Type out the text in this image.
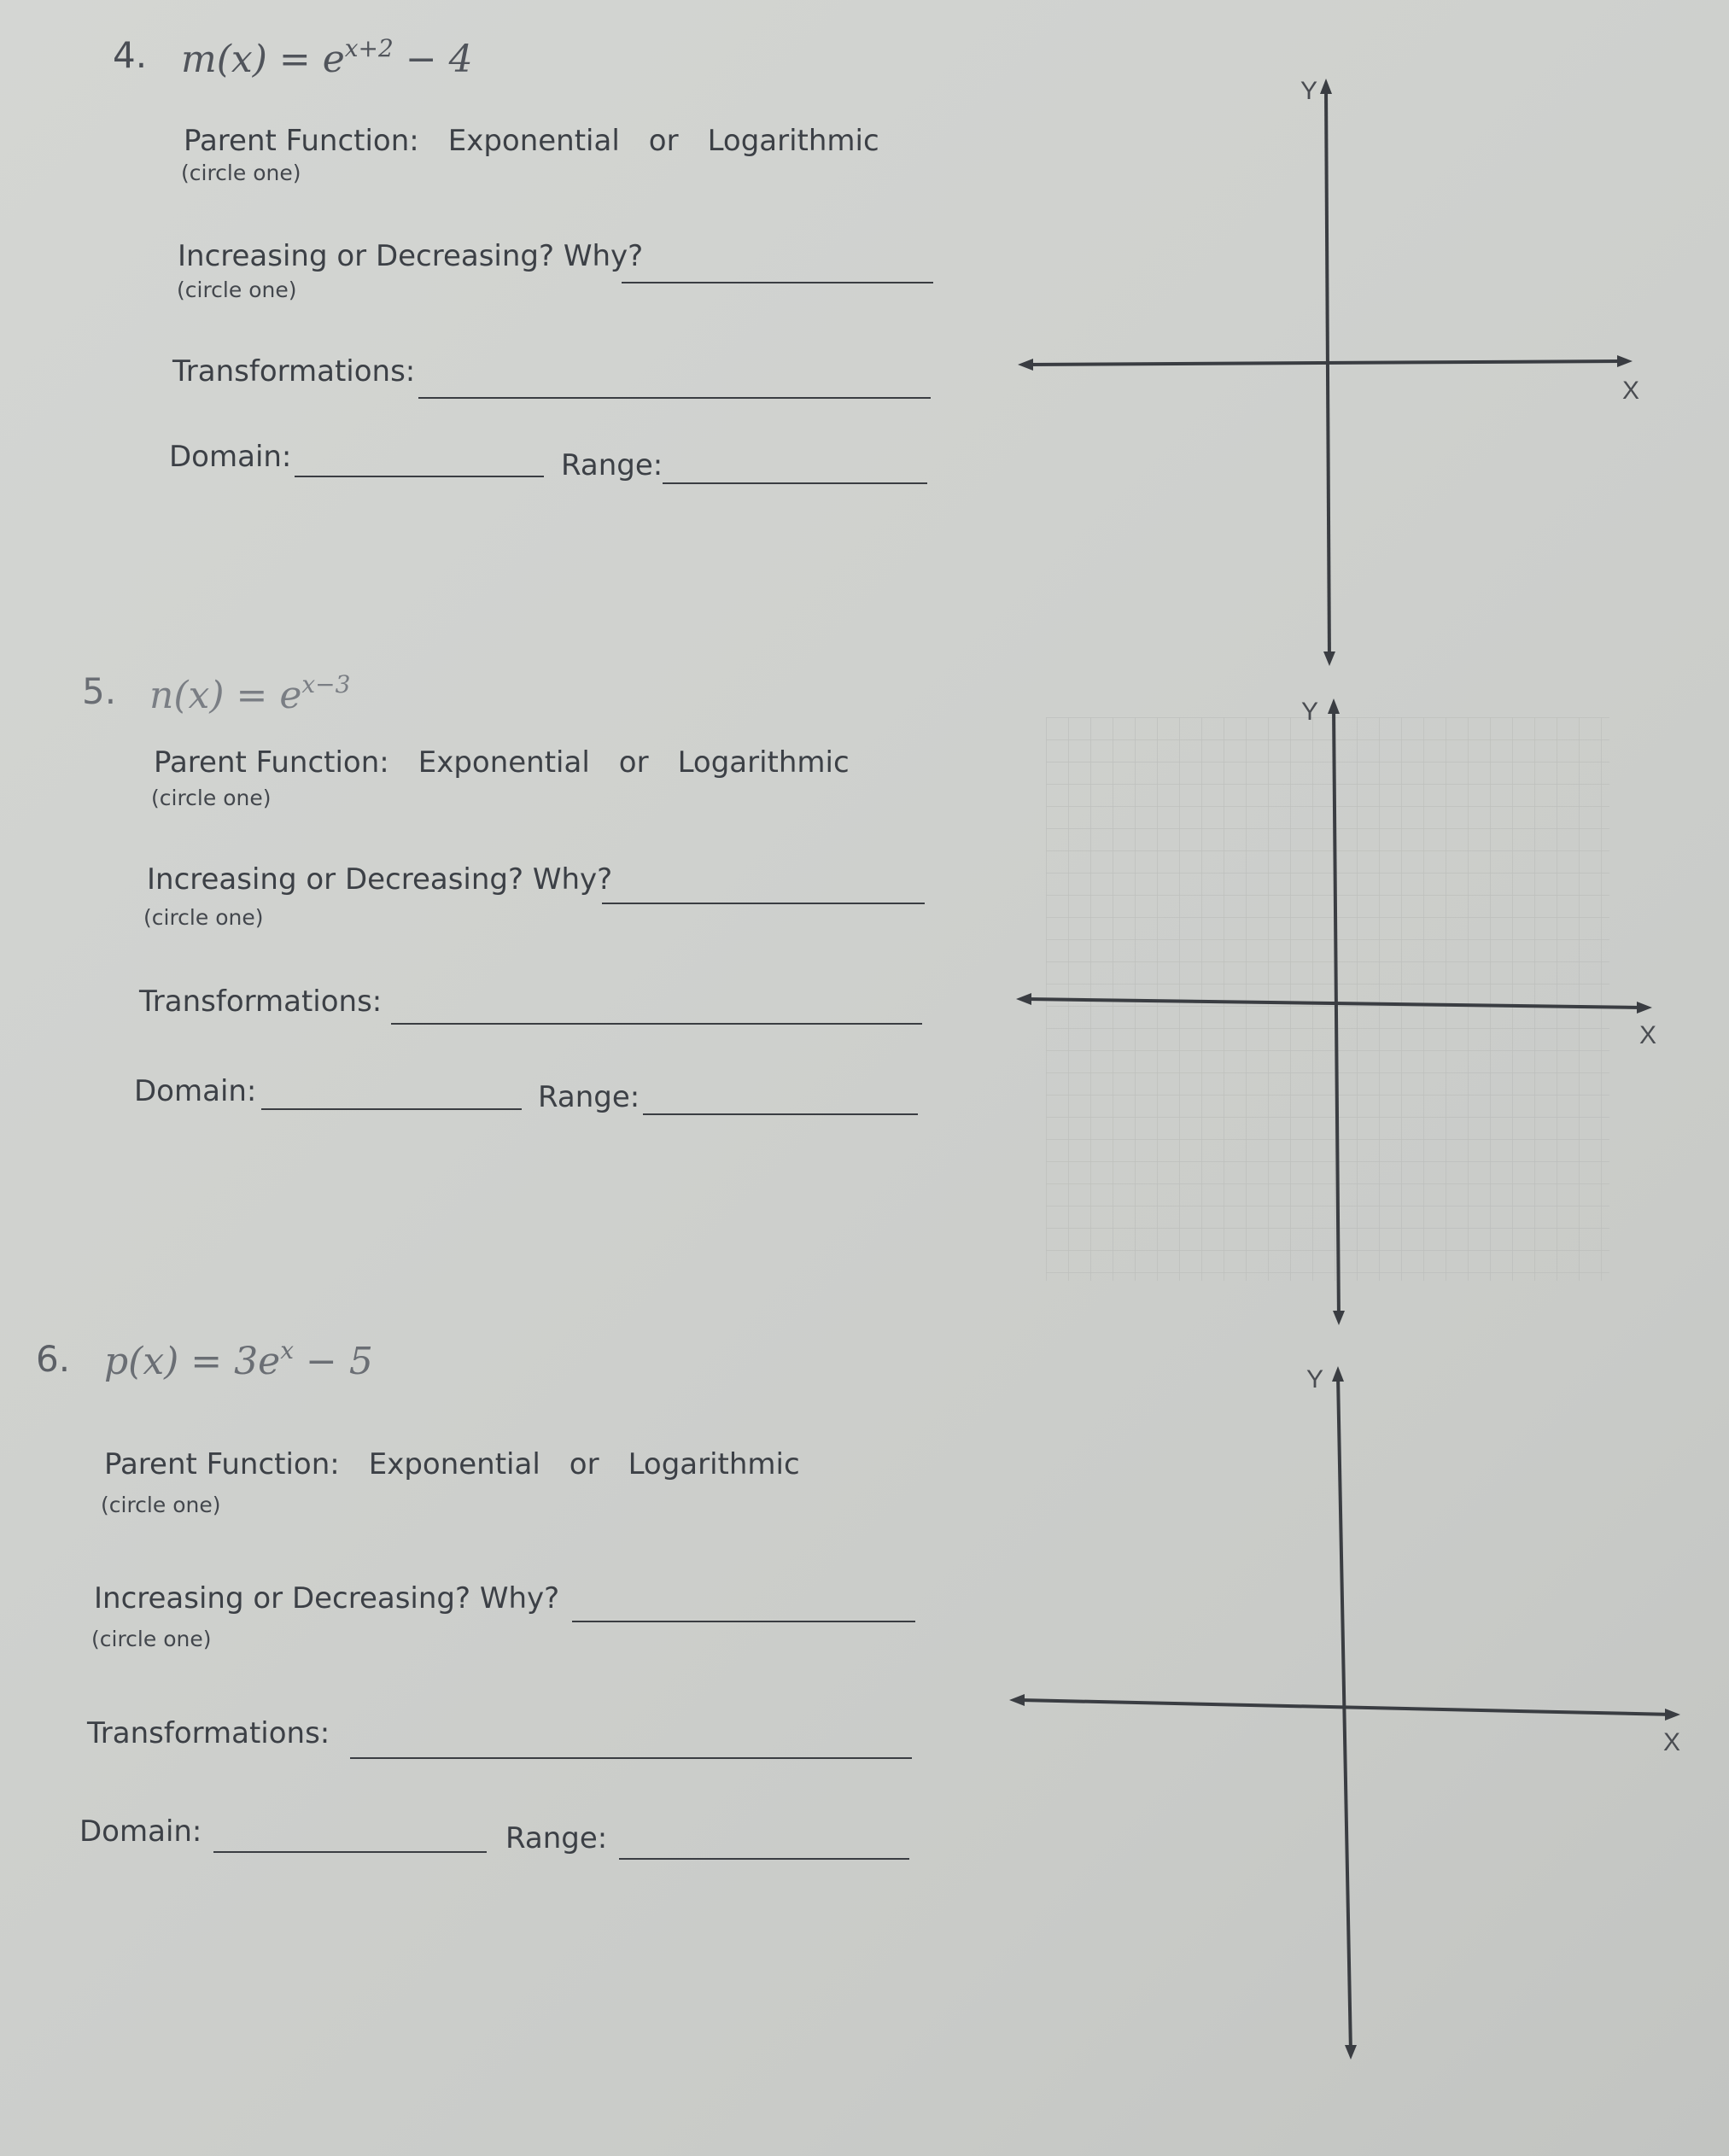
4. $m(x) = e^{x+2} - 4$
Parent Function: Exponential or Logarithmic
(circle one)
Increasing or Decreasing? Why?
(circle one)
Transformations:
Domain:	Range:
Y
X
5. $n(x) = e^{x-3}$
Parent Function: Exponential or Logarithmic
(circle one)
Increasing or Decreasing? Why?
(circle one)
Transformations:
Domain:	Range:
Y
X
6. $p(x) = 3e^x - 5$
Parent Function: Exponential or Logarithmic
(circle one)
Increasing or Decreasing? Why?
(circle one)
Transformations:
Domain:	Range:
Y
X
